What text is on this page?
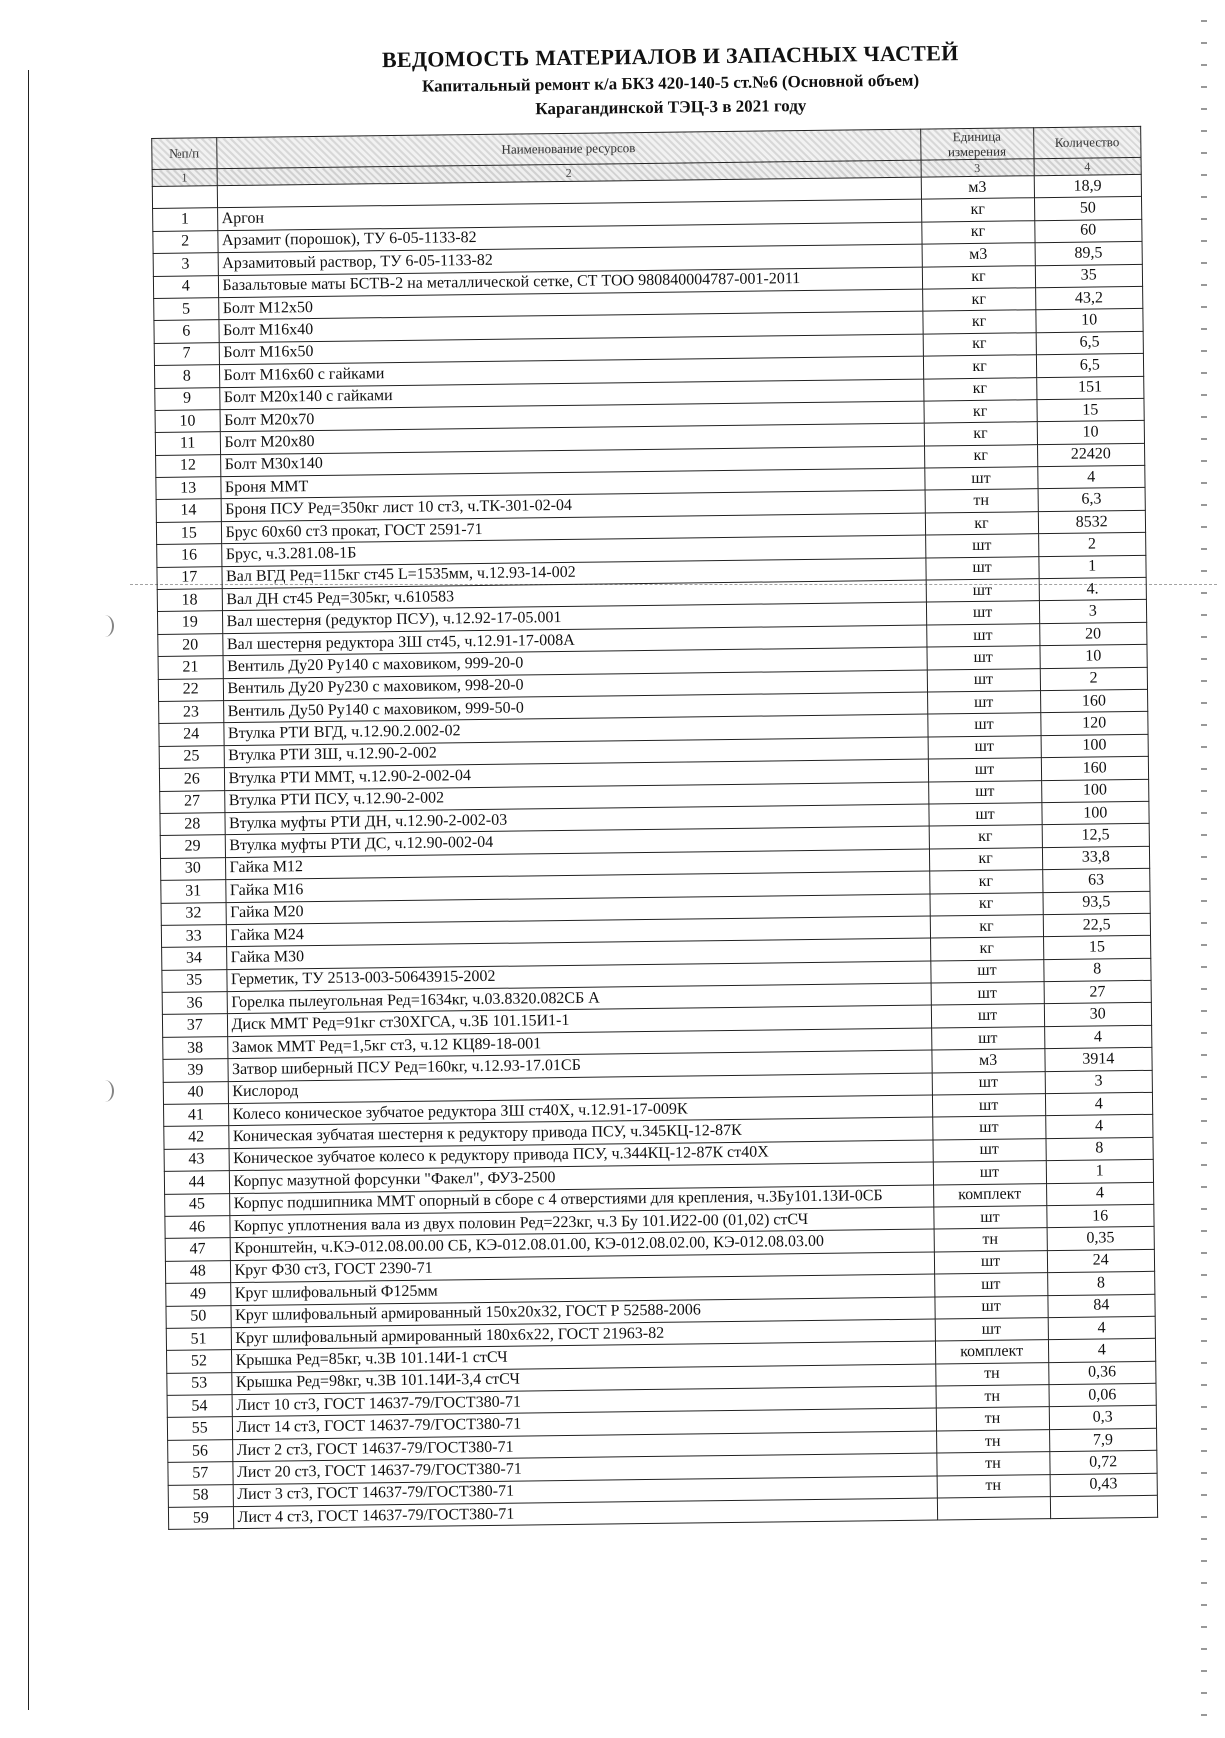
ВЕДОМОСТЬ МАТЕРИАЛОВ И ЗАПАСНЫХ ЧАСТЕЙ
Капитальный ремонт к/а БКЗ 420-140-5 ст.№6 (Основной объем)
Карагандинской ТЭЦ-3 в 2021 году
№п/п	Наименование ресурсов	Единица измерения	Количество
1	2	3	4
		м3	18,9
1	Аргон	кг	50
2	Арзамит (порошок), ТУ 6-05-1133-82	кг	60
3	Арзамитовый раствор, ТУ 6-05-1133-82	м3	89,5
4	Базальтовые маты БСТВ-2 на металлической сетке, СТ ТОО 980840004787-001-2011	кг	35
5	Болт М12х50	кг	43,2
6	Болт М16х40	кг	10
7	Болт М16х50	кг	6,5
8	Болт М16х60 с гайками	кг	6,5
9	Болт М20х140 с гайками	кг	151
10	Болт М20х70	кг	15
11	Болт М20х80	кг	10
12	Болт М30х140	кг	22420
13	Броня ММТ	шт	4
14	Броня ПСУ Ред=350кг лист 10 ст3, ч.ТК-301-02-04	тн	6,3
15	Брус 60х60 ст3 прокат, ГОСТ 2591-71	кг	8532
16	Брус, ч.3.281.08-1Б	шт	2
17	Вал ВГД Ред=115кг ст45 L=1535мм, ч.12.93-14-002	шт	1
18	Вал ДН ст45 Ред=305кг, ч.610583	шт	4.
19	Вал шестерня (редуктор ПСУ), ч.12.92-17-05.001	шт	3
20	Вал шестерня редуктора ЗШ ст45, ч.12.91-17-008А	шт	20
21	Вентиль Ду20 Ру140 с маховиком, 999-20-0	шт	10
22	Вентиль Ду20 Ру230 с маховиком, 998-20-0	шт	2
23	Вентиль Ду50 Ру140 с маховиком, 999-50-0	шт	160
24	Втулка РТИ ВГД, ч.12.90.2.002-02	шт	120
25	Втулка РТИ ЗШ, ч.12.90-2-002	шт	100
26	Втулка РТИ ММТ, ч.12.90-2-002-04	шт	160
27	Втулка РТИ ПСУ, ч.12.90-2-002	шт	100
28	Втулка муфты РТИ ДН, ч.12.90-2-002-03	шт	100
29	Втулка муфты РТИ ДС, ч.12.90-002-04	кг	12,5
30	Гайка М12	кг	33,8
31	Гайка М16	кг	63
32	Гайка М20	кг	93,5
33	Гайка М24	кг	22,5
34	Гайка М30	кг	15
35	Герметик, ТУ 2513-003-50643915-2002	шт	8
36	Горелка пылеугольная Ред=1634кг, ч.03.8320.082СБ А	шт	27
37	Диск ММТ Ред=91кг ст30ХГСА, ч.3Б 101.15И1-1	шт	30
38	Замок ММТ Ред=1,5кг ст3, ч.12 КЦ89-18-001	шт	4
39	Затвор шиберный ПСУ Ред=160кг, ч.12.93-17.01СБ	м3	3914
40	Кислород	шт	3
41	Колесо коническое зубчатое редуктора ЗШ ст40Х, ч.12.91-17-009К	шт	4
42	Коническая зубчатая шестерня к редуктору привода ПСУ, ч.345КЦ-12-87К	шт	4
43	Коническое зубчатое колесо к редуктору привода ПСУ, ч.344КЦ-12-87К ст40Х	шт	8
44	Корпус мазутной форсунки "Факел", ФУЗ-2500	шт	1
45	Корпус подшипника ММТ опорный в сборе с 4 отверстиями для крепления, ч.3Бу101.13И-0СБ	комплект	4
46	Корпус уплотнения вала из двух половин Ред=223кг, ч.3 Бу 101.И22-00 (01,02) стСЧ	шт	16
47	Кронштейн, ч.КЭ-012.08.00.00 СБ, КЭ-012.08.01.00, КЭ-012.08.02.00, КЭ-012.08.03.00	тн	0,35
48	Круг Ф30 ст3, ГОСТ 2390-71	шт	24
49	Круг шлифовальный Ф125мм	шт	8
50	Круг шлифовальный армированный 150х20х32, ГОСТ Р 52588-2006	шт	84
51	Круг шлифовальный армированный 180х6х22, ГОСТ 21963-82	шт	4
52	Крышка Ред=85кг, ч.3В 101.14И-1 стСЧ	комплект	4
53	Крышка Ред=98кг, ч.3В 101.14И-3,4 стСЧ	тн	0,36
54	Лист 10 ст3, ГОСТ 14637-79/ГОСТ380-71	тн	0,06
55	Лист 14 ст3, ГОСТ 14637-79/ГОСТ380-71	тн	0,3
56	Лист 2 ст3, ГОСТ 14637-79/ГОСТ380-71	тн	7,9
57	Лист 20 ст3, ГОСТ 14637-79/ГОСТ380-71	тн	0,72
58	Лист 3 ст3, ГОСТ 14637-79/ГОСТ380-71	тн	0,43
59	Лист 4 ст3, ГОСТ 14637-79/ГОСТ380-71		
